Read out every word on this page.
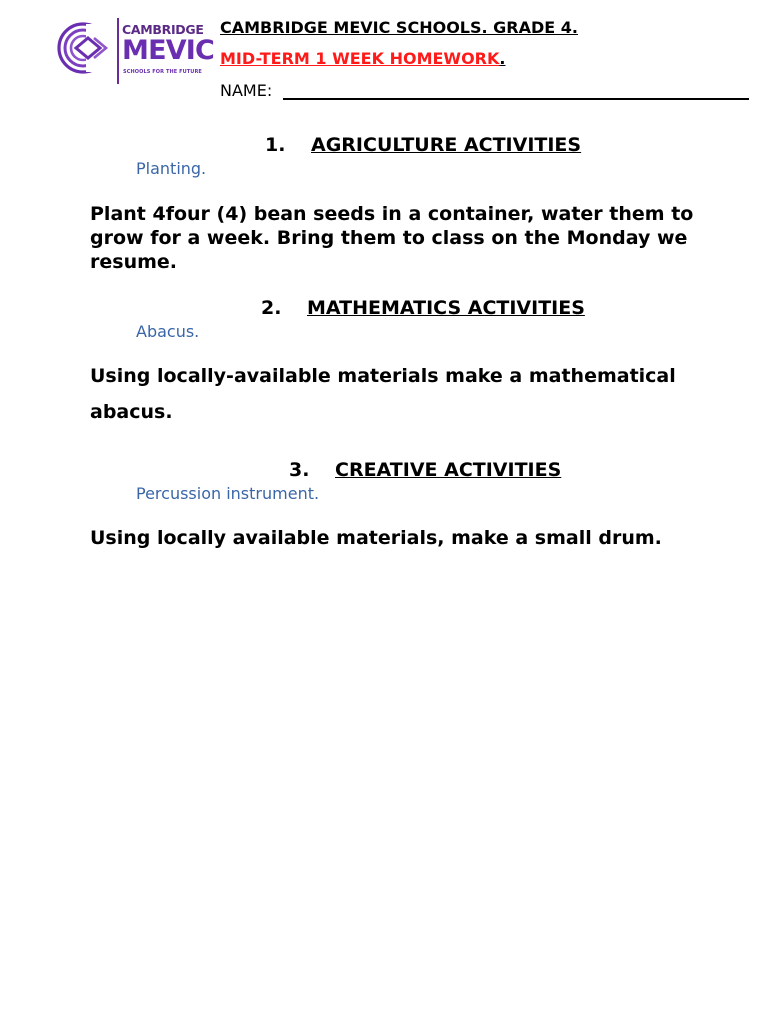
CAMBRIDGE
MEVIC
SCHOOLS FOR THE FUTURE
CAMBRIDGE MEVIC SCHOOLS. GRADE 4.
MID-TERM 1 WEEK HOMEWORK.
NAME:
1. AGRICULTURE ACTIVITIES
Planting.
Plant 4four (4) bean seeds in a container, water them to grow for a week. Bring them to class on the Monday we resume.
2. MATHEMATICS ACTIVITIES
Abacus.
Using locally-available materials make a mathematical
abacus.
3. CREATIVE ACTIVITIES
Percussion instrument.
Using locally available materials, make a small drum.
